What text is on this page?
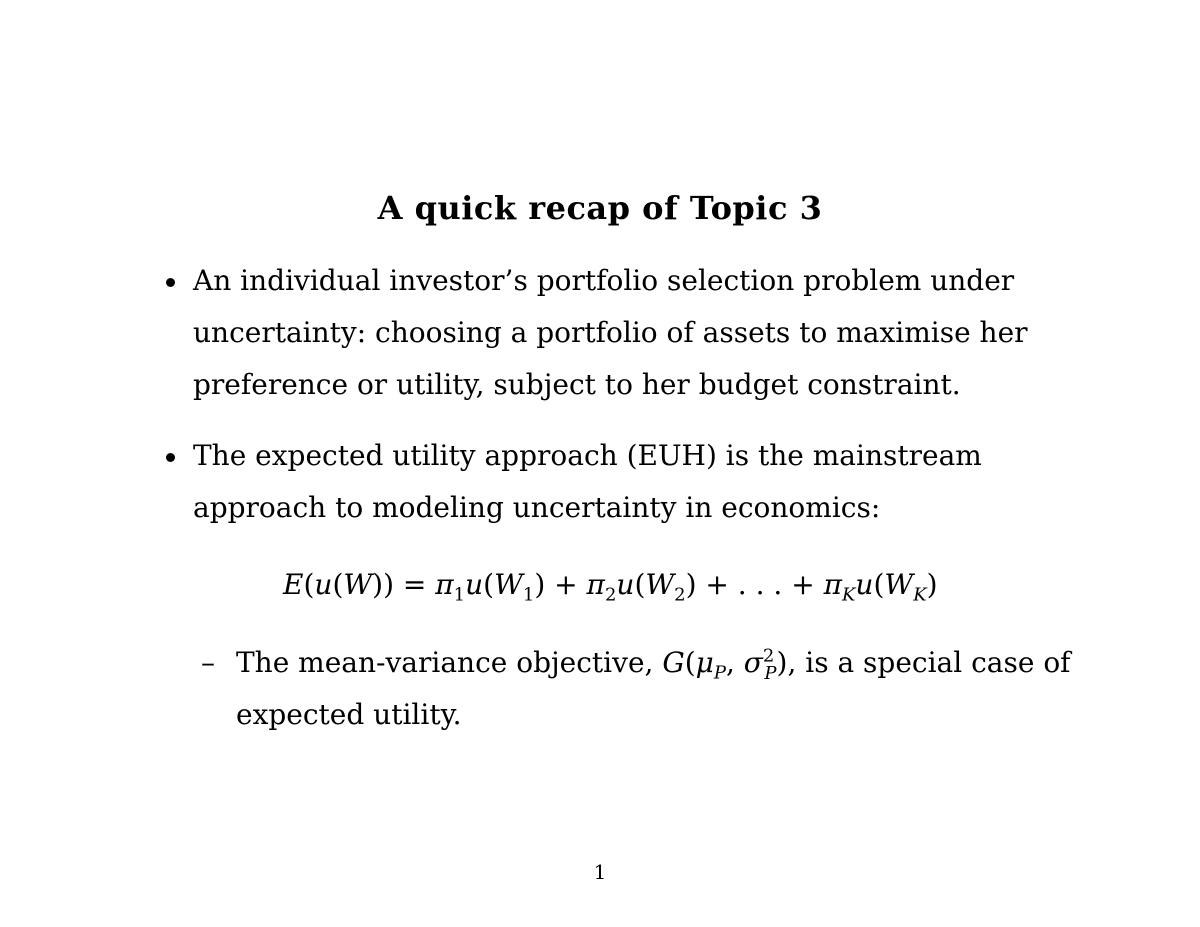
A quick recap of Topic 3
An individual investor’s portfolio selection problem under
uncertainty: choosing a portfolio of assets to maximise her
preference or utility, subject to her budget constraint.
The expected utility approach (EUH) is the mainstream
approach to modeling uncertainty in economics:
$E(u(W)) = \pi_1u(W_1) + \pi_2u(W_2)$ + . . . + $\pi_Ku(W_K)$
– The mean-variance objective, $G(\mu_P$, $\sigma^2_P$), is a special case of
expected utility.
1
